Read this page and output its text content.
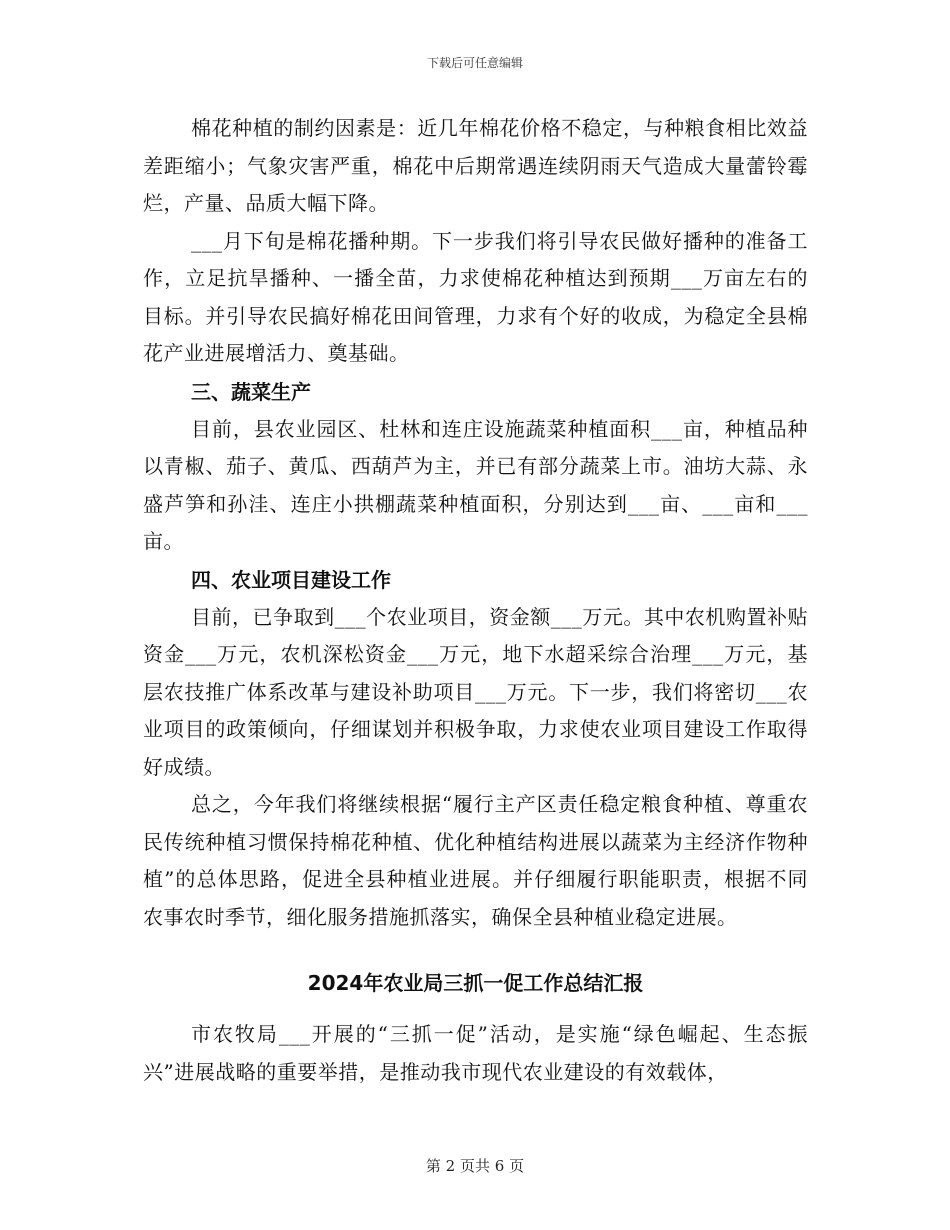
下载后可任意编辑

棉花种植的制约因素是：近几年棉花价格不稳定，与种粮食相比效益差距缩小；气象灾害严重，棉花中后期常遇连续阴雨天气造成大量蕾铃霉烂，产量、品质大幅下降。

___月下旬是棉花播种期。下一步我们将引导农民做好播种的准备工作，立足抗旱播种、一播全苗，力求使棉花种植达到预期___万亩左右的目标。并引导农民搞好棉花田间管理，力求有个好的收成，为稳定全县棉花产业进展增活力、奠基础。

三、蔬菜生产

目前，县农业园区、杜林和连庄设施蔬菜种植面积___亩，种植品种以青椒、茄子、黄瓜、西葫芦为主，并已有部分蔬菜上市。油坊大蒜、永盛芦笋和孙洼、连庄小拱棚蔬菜种植面积，分别达到___亩、___亩和___亩。

四、农业项目建设工作

目前，已争取到___个农业项目，资金额___万元。其中农机购置补贴资金___万元，农机深松资金___万元，地下水超采综合治理___万元，基层农技推广体系改革与建设补助项目___万元。下一步，我们将密切___农业项目的政策倾向，仔细谋划并积极争取，力求使农业项目建设工作取得好成绩。

总之，今年我们将继续根据“履行主产区责任稳定粮食种植、尊重农民传统种植习惯保持棉花种植、优化种植结构进展以蔬菜为主经济作物种植”的总体思路，促进全县种植业进展。并仔细履行职能职责，根据不同农事农时季节，细化服务措施抓落实，确保全县种植业稳定进展。

2024年农业局三抓一促工作总结汇报

市农牧局___开展的“三抓一促”活动，是实施“绿色崛起、生态振兴”进展战略的重要举措，是推动我市现代农业建设的有效载体，

第 2 页共 6 页
